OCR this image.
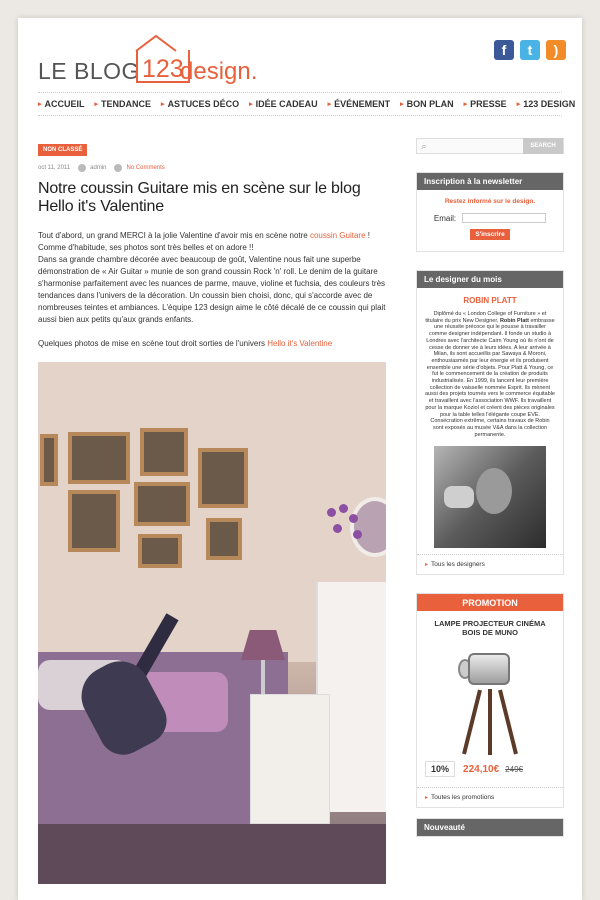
LE BLOG 123
design.
f	t	)
▸ ACCUEIL ▸ TENDANCE ▸ ASTUCES DÉCO ▸ IDÉE CADEAU ▸ ÉVÉNEMENT ▸ BON PLAN ▸ PRESSE ▸ 123 DESIGN
NON CLASSÉ
oct 11, 2011	admin	No Comments
Notre coussin Guitare mis en scène sur le blog Hello it's Valentine

Tout d'abord, un grand MERCI à la jolie Valentine d'avoir mis en scène notre coussin Guitare ! Comme d'habitude, ses photos sont très belles et on adore !!
Dans sa grande chambre décorée avec beaucoup de goût, Valentine nous fait une superbe démonstration de « Air Guitar » munie de son grand coussin Rock 'n' roll. Le denim de la guitare s'harmonise parfaitement avec les nuances de parme, mauve, violine et fuchsia, des couleurs très tendances dans l'univers de la décoration. Un coussin bien choisi, donc, qui s'accorde avec de nombreuses teintes et ambiances. L'équipe 123 design aime le côté décalé de ce coussin qui plait aussi bien aux petits qu'aux grands enfants.

Quelques photos de mise en scène tout droit sorties de l'univers Hello it's Valentine

⌕	SEARCH
Inscription à la newsletter
Restez informé sur le design.
Email:
S'inscrire
Le designer du mois
ROBIN PLATT
Diplômé du « London College of Furniture » et titulaire du prix New Designer, Robin Platt embrasse une réussite précoce qui le pousse à travailler comme designer indépendant. Il fonde un studio à Londres avec l'architecte Cairn Young où ils n'ont de cesse de donner vie à leurs idées. A leur arrivée à Milan, ils sont accueillis par Sawaya & Moroni, enthousiasmés par leur énergie et ils produisent ensemble une série d'objets. Pour Platt & Young, ce fut le commencement de la création de produits industrialisés. En 1999, ils lancent leur première collection de vaisselle nommée Esprit. Ils mènent aussi des projets tournés vers le commerce équitable et travaillent avec l'association WWF. Ils travaillent pour la marque Koziol et créent des pièces originales pour la table telles l'élégante coupe EVE. Consécration extrême, certains travaux de Robin sont exposés au musée V&A dans la collection permanente.
▸ Tous les designers
PROMOTION
LAMPE PROJECTEUR CINÉMA BOIS DE MUNO
10%	224,10€ 249€
▸ Toutes les promotions
Nouveauté
